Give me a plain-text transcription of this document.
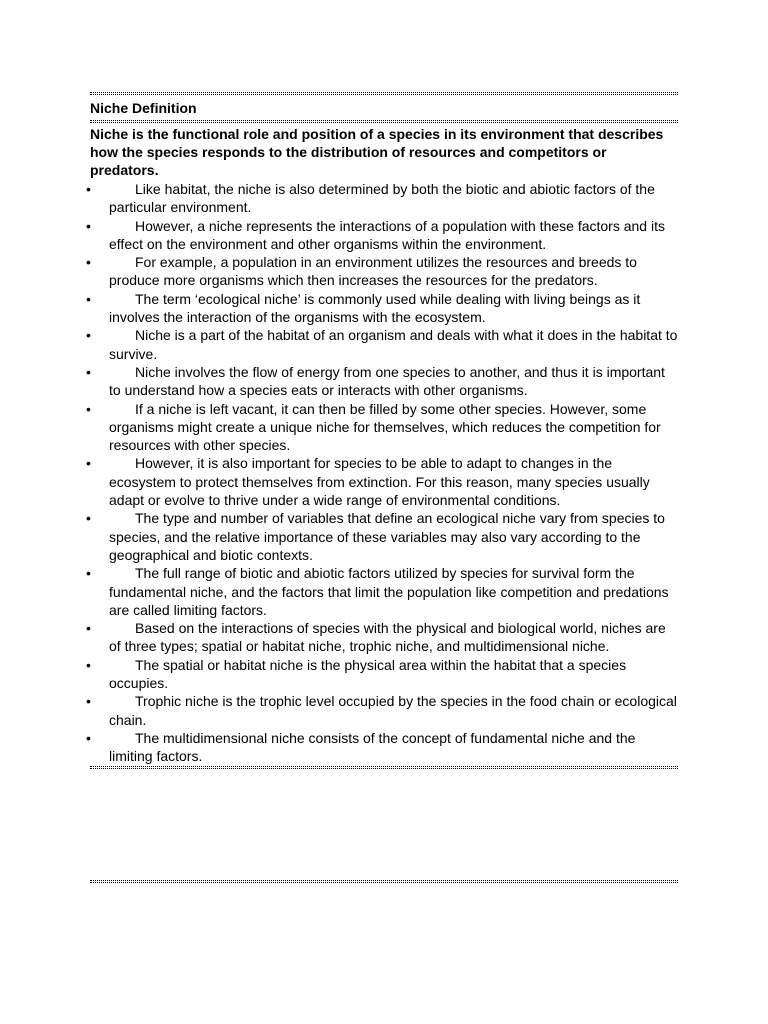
Niche Definition
Niche is the functional role and position of a species in its environment that describes how the species responds to the distribution of resources and competitors or predators.
•	Like habitat, the niche is also determined by both the biotic and abiotic factors of the particular environment.
•	However, a niche represents the interactions of a population with these factors and its effect on the environment and other organisms within the environment.
•	For example, a population in an environment utilizes the resources and breeds to produce more organisms which then increases the resources for the predators.
•	The term ‘ecological niche’ is commonly used while dealing with living beings as it involves the interaction of the organisms with the ecosystem.
•	Niche is a part of the habitat of an organism and deals with what it does in the habitat to survive.
•	Niche involves the flow of energy from one species to another, and thus it is important to understand how a species eats or interacts with other organisms.
•	If a niche is left vacant, it can then be filled by some other species. However, some organisms might create a unique niche for themselves, which reduces the competition for resources with other species.
•	However, it is also important for species to be able to adapt to changes in the ecosystem to protect themselves from extinction. For this reason, many species usually adapt or evolve to thrive under a wide range of environmental conditions.
•	The type and number of variables that define an ecological niche vary from species to species, and the relative importance of these variables may also vary according to the geographical and biotic contexts.
•	The full range of biotic and abiotic factors utilized by species for survival form the fundamental niche, and the factors that limit the population like competition and predations are called limiting factors.
•	Based on the interactions of species with the physical and biological world, niches are of three types; spatial or habitat niche, trophic niche, and multidimensional niche.
•	The spatial or habitat niche is the physical area within the habitat that a species occupies.
•	Trophic niche is the trophic level occupied by the species in the food chain or ecological chain.
•	The multidimensional niche consists of the concept of fundamental niche and the limiting factors.
